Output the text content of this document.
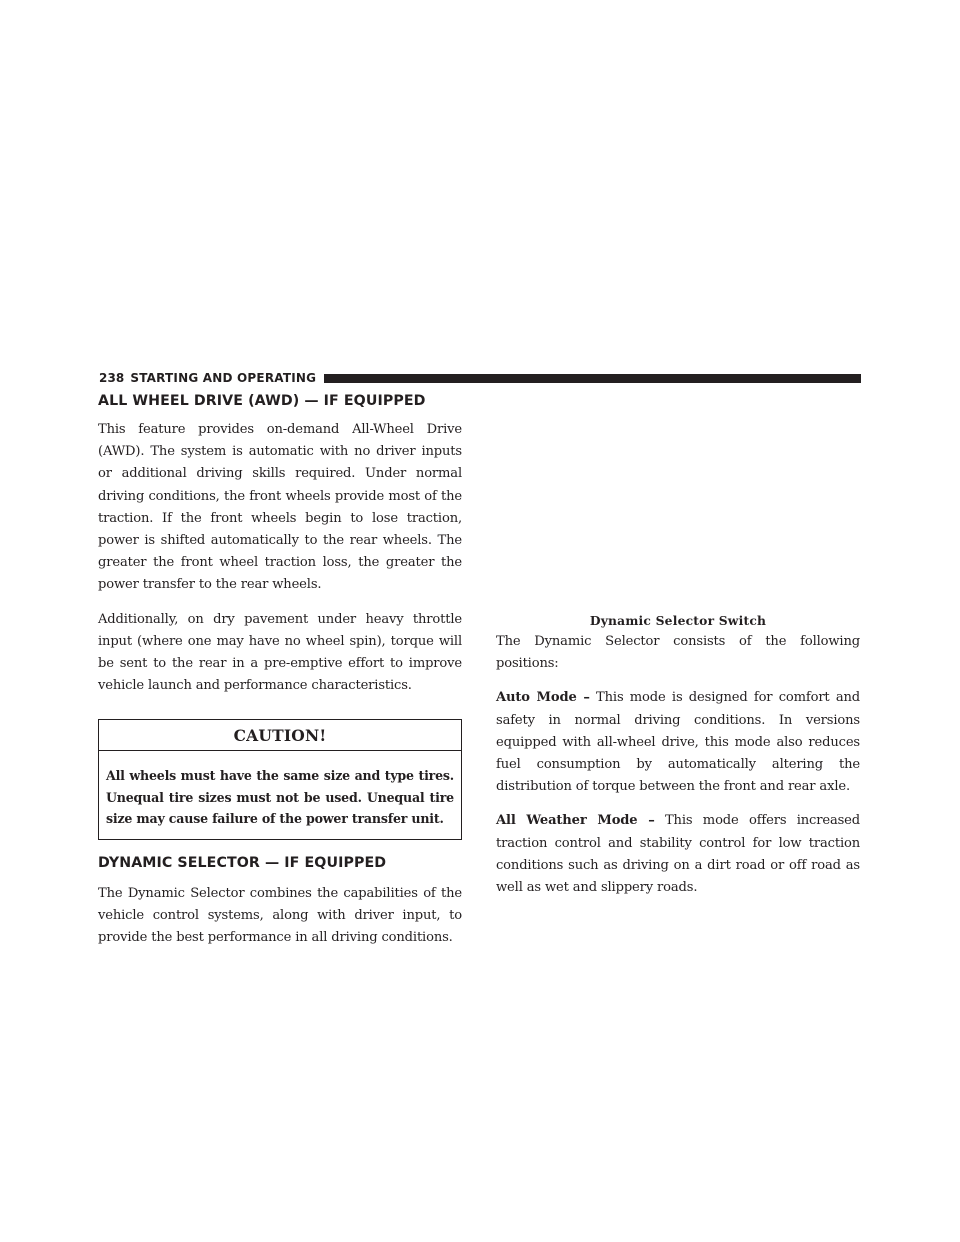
238 STARTING AND OPERATING
ALL WHEEL DRIVE (AWD) — IF EQUIPPED

This feature provides on-demand All-Wheel Drive (AWD). The system is automatic with no driver inputs or additional driving skills required. Under normal driving conditions, the front wheels provide most of the traction. If the front wheels begin to lose traction, power is shifted automatically to the rear wheels. The greater the front wheel traction loss, the greater the power transfer to the rear wheels.

Additionally, on dry pavement under heavy throttle input (where one may have no wheel spin), torque will be sent to the rear in a pre-emptive effort to improve vehicle launch and performance characteristics.

CAUTION!
All wheels must have the same size and type tires. Unequal tire sizes must not be used. Unequal tire size may cause failure of the power transfer unit.
DYNAMIC SELECTOR — IF EQUIPPED

The Dynamic Selector combines the capabilities of the vehicle control systems, along with driver input, to provide the best performance in all driving conditions.

Dynamic Selector Switch

The Dynamic Selector consists of the following positions:

Auto Mode – This mode is designed for comfort and safety in normal driving conditions. In versions equipped with all-wheel drive, this mode also reduces fuel consumption by automatically altering the distribution of torque between the front and rear axle.

All Weather Mode – This mode offers increased traction control and stability control for low traction conditions such as driving on a dirt road or off road as well as wet and slippery roads.
